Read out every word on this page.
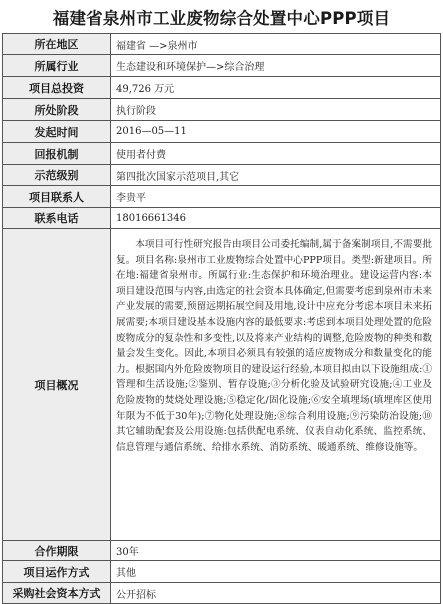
福建省泉州市工业废物综合处置中心PPP项目
所在地区	福建省 —>泉州市
所属行业	生态建设和环境保护—>综合治理
项目总投资	49,726 万元
所处阶段	执行阶段
发起时间	2016—05—11
回报机制	使用者付费
示范级别	第四批次国家示范项目,其它
项目联系人	李贵平
联系电话	18016661346
项目概况	本项目可行性研究报告由项目公司委托编制,属于备案制项目,不需要批复。项目名称:泉州市工业废物综合处置中心PPP项目。类型:新建项目。所在地:福建省泉州市。所属行业:生态保护和环境治理业。建设运营内容:本项目建设范围与内容,由选定的社会资本具体确定,但需要考虑到泉州市未来产业发展的需要,预留远期拓展空间及用地,设计中应充分考虑本项目未来拓展需要;本项目建设基本设施内容的最低要求:考虑到本项目处理处置的危险废物成分的复杂性和多变性,以及将来产业结构的调整,危险废物的种类和数量会发生变化。因此,本项目必须具有较强的适应废物成分和数量变化的能力。根据国内外危险废物项目的建设运行经验,本项目拟由以下设施组成:①管理和生活设施;②鉴别、暂存设施;③分析化验及试验研究设施;④工业及危险废物的焚烧处理设施;⑤稳定化/固化设施;⑥安全填埋场(填埋库区使用年限为不低于30年);⑦物化处理设施;⑧综合利用设施;⑨污染防治设施;⑩其它辅助配套及公用设施:包括供配电系统、仪表自动化系统、监控系统、信息管理与通信系统、给排水系统、消防系统、暖通系统、维修设施等。
合作期限	30年
项目运作方式	其他
采购社会资本方式	公开招标
